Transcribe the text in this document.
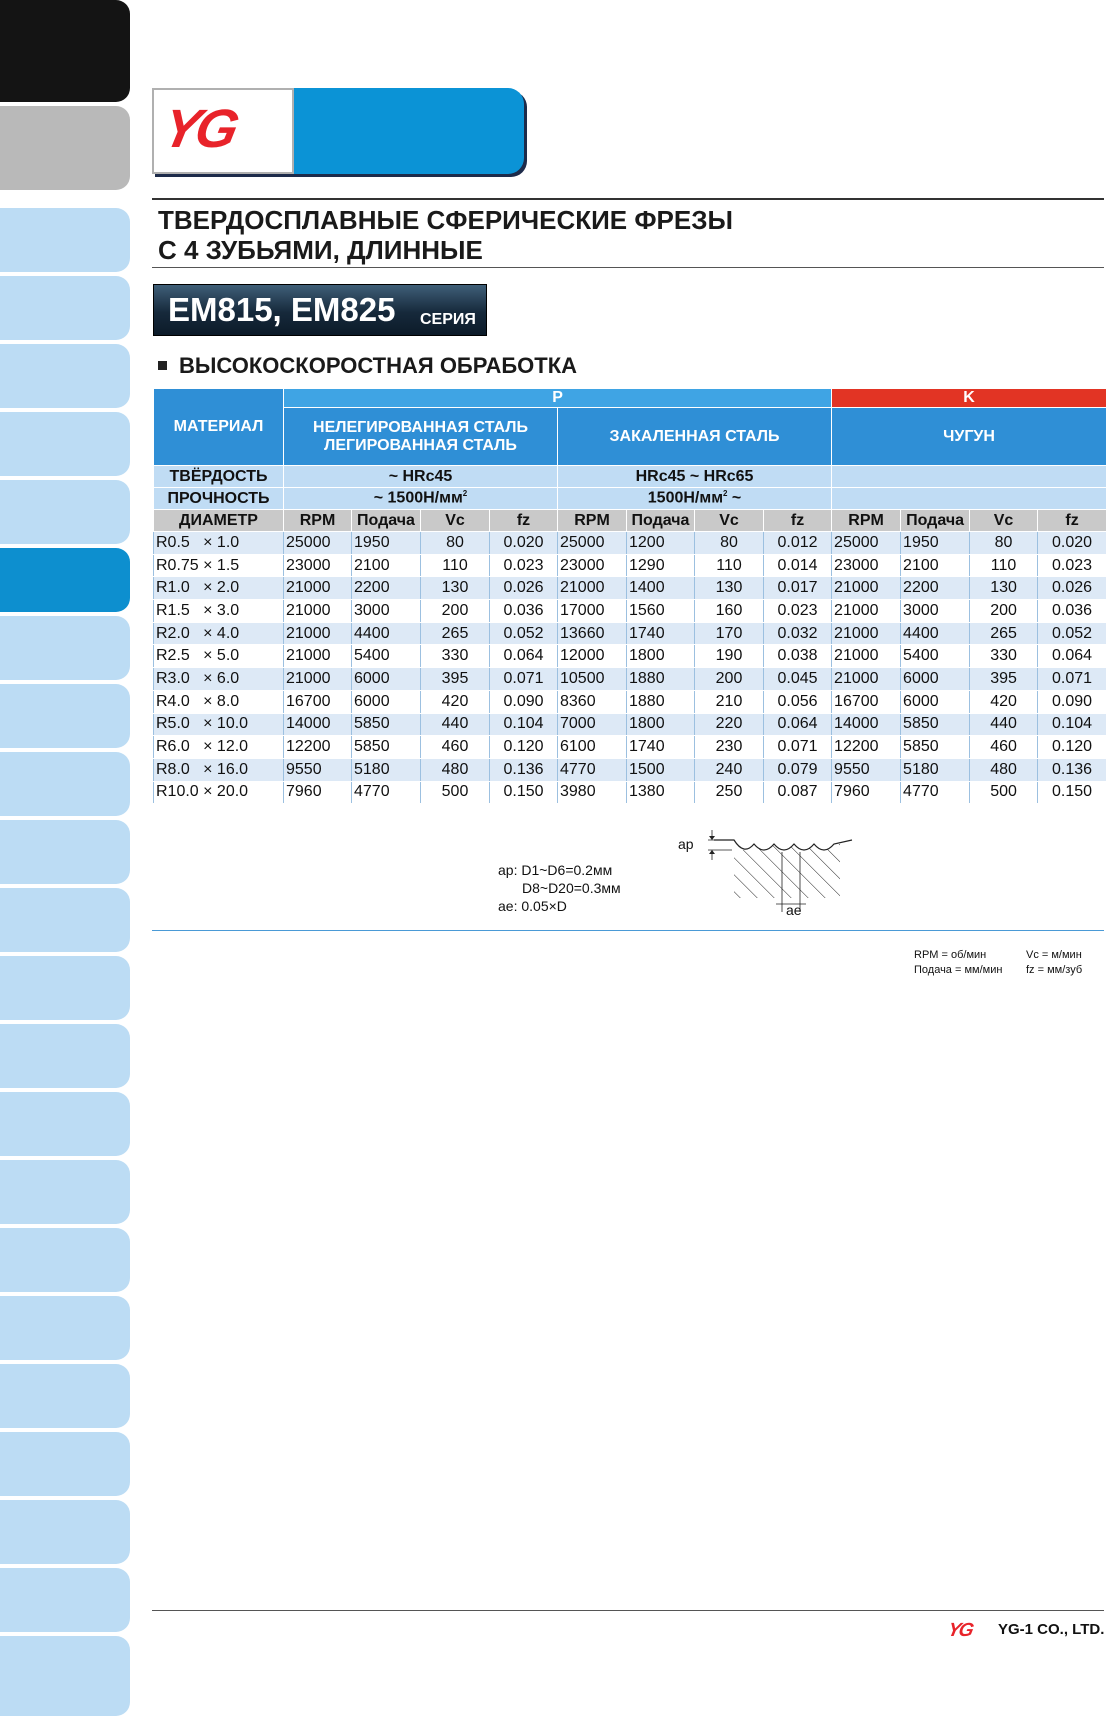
YG
ТВЕРДОСПЛАВНЫЕ СФЕРИЧЕСКИЕ ФРЕЗЫ
С 4 ЗУБЬЯМИ, ДЛИННЫЕ
EM815, EM825 СЕРИЯ
ВЫСОКОСКОРОСТНАЯ ОБРАБОТКА
МАТЕРИАЛ	P								K			
	НЕЛЕГИРОВАННАЯ СТАЛЬ
ЛЕГИРОВАННАЯ СТАЛЬ				ЗАКАЛЕННАЯ СТАЛЬ				ЧУГУН			
ТВЁРДОСТЬ	~ HRc45				HRc45 ~ HRc65							
ПРОЧНОСТЬ	~ $1500Н/мм^2$				$1500Н/мм^2$ ~							
ДИАМЕТР	RPM	Подача	Vc	fz	RPM	Подача	Vc	fz	RPM	Подача	Vc	fz
R0.5   × 1.0	25000	1950	80	0.020	25000	1200	80	0.012	25000	1950	80	0.020
R0.75 × 1.5	23000	2100	110	0.023	23000	1290	110	0.014	23000	2100	110	0.023
R1.0   × 2.0	21000	2200	130	0.026	21000	1400	130	0.017	21000	2200	130	0.026
R1.5   × 3.0	21000	3000	200	0.036	17000	1560	160	0.023	21000	3000	200	0.036
R2.0   × 4.0	21000	4400	265	0.052	13660	1740	170	0.032	21000	4400	265	0.052
R2.5   × 5.0	21000	5400	330	0.064	12000	1800	190	0.038	21000	5400	330	0.064
R3.0   × 6.0	21000	6000	395	0.071	10500	1880	200	0.045	21000	6000	395	0.071
R4.0   × 8.0	16700	6000	420	0.090	8360	1880	210	0.056	16700	6000	420	0.090
R5.0   × 10.0	14000	5850	440	0.104	7000	1800	220	0.064	14000	5850	440	0.104
R6.0   × 12.0	12200	5850	460	0.120	6100	1740	230	0.071	12200	5850	460	0.120
R8.0   × 16.0	9550	5180	480	0.136	4770	1500	240	0.079	9550	5180	480	0.136
R10.0 × 20.0	7960	4770	500	0.150	3980	1380	250	0.087	7960	4770	500	0.150
ap: D1~D6=0.2мм
D8~D20=0.3мм
ae: 0.05×D
ap
ae
RPM = об/мин	Vc = м/мин
Подача = мм/мин fz = мм/зуб
YG YG-1 CO., LTD.
